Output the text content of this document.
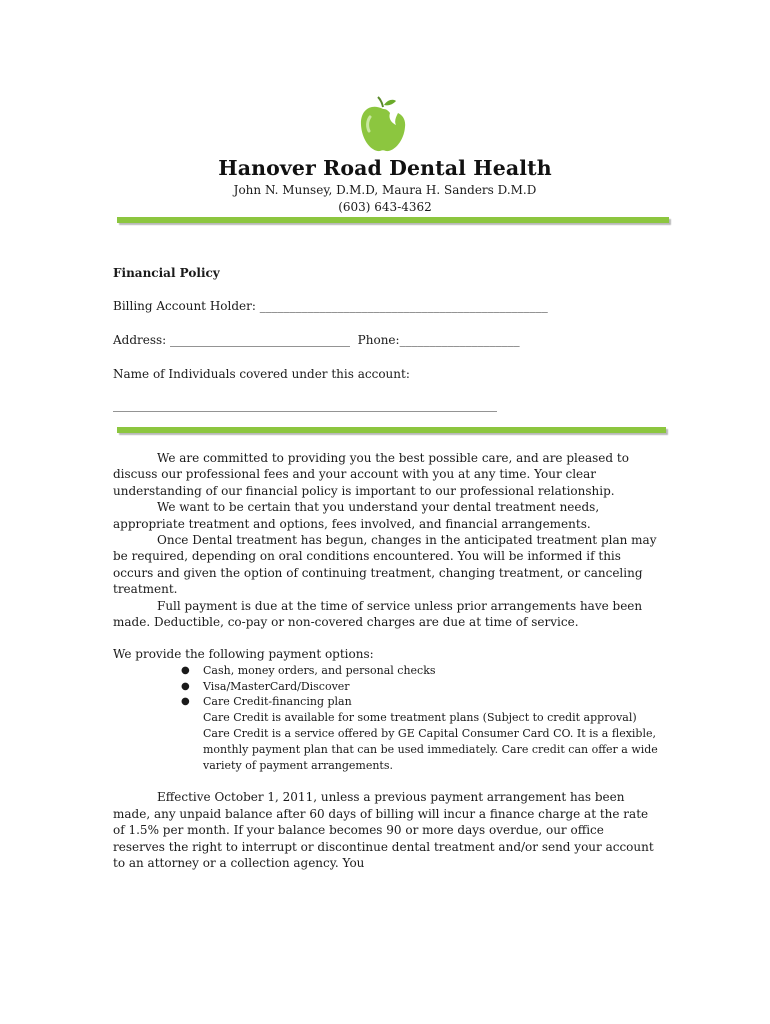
Hanover Road Dental Health
John N. Munsey, D.M.D, Maura H. Sanders D.M.D
(603) 643-4362
Financial Policy
Billing Account Holder: ________________________________________________
Address: ______________________________  Phone:____________________
Name of Individuals covered under this account:
________________________________________________________________

We are committed to providing you the best possible care, and are pleased to discuss our professional fees and your account with you at any time. Your clear understanding of our financial policy is important to our professional relationship.

We want to be certain that you understand your dental treatment needs, appropriate treatment and options, fees involved, and financial arrangements.

Once Dental treatment has begun, changes in the anticipated treatment plan may be required, depending on oral conditions encountered. You will be informed if this occurs and given the option of continuing treatment, changing treatment, or canceling treatment.

Full payment is due at the time of service unless prior arrangements have been made. Deductible, co-pay or non-covered charges are due at time of service.

We provide the following payment options:

● Cash, money orders, and personal checks
● Visa/MasterCard/Discover
● Care Credit-financing plan
Care Credit is available for some treatment plans (Subject to credit approval)
Care Credit is a service offered by GE Capital Consumer Card CO. It is a flexible, monthly payment plan that can be used immediately. Care credit can offer a wide variety of payment arrangements.

Effective October 1, 2011, unless a previous payment arrangement has been made, any unpaid balance after 60 days of billing will incur a finance charge at the rate of 1.5% per month. If your balance becomes 90 or more days overdue, our office reserves the right to interrupt or discontinue dental treatment and/or send your account to an attorney or a collection agency. You
